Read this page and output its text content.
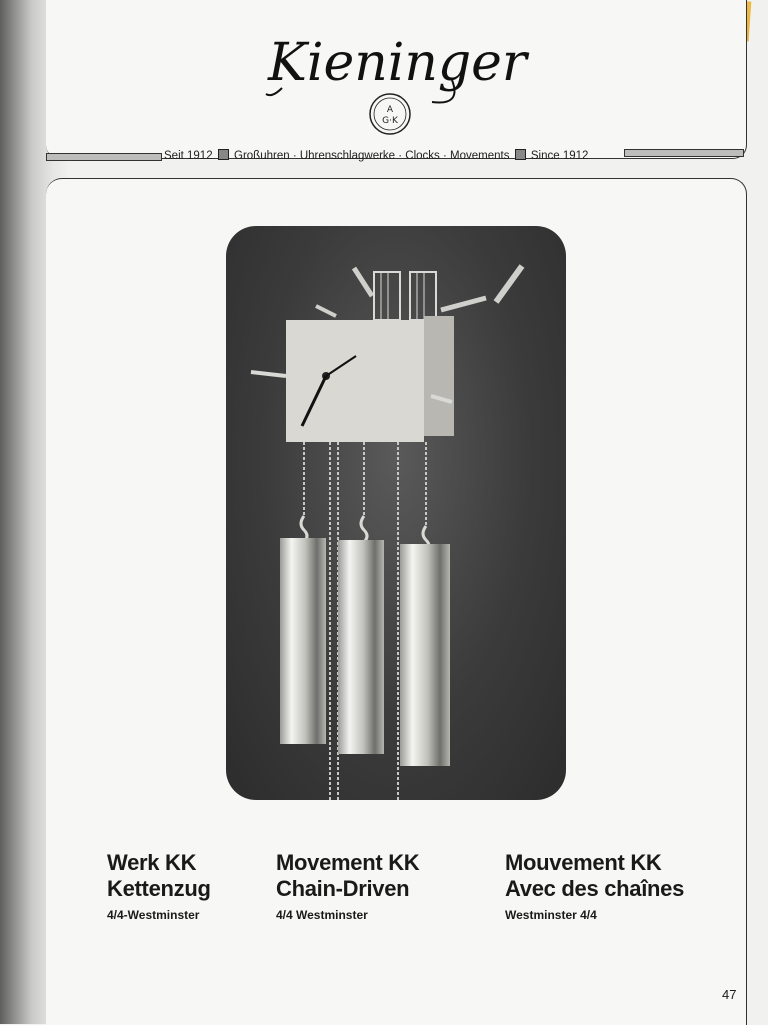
Kieninger
A
G·K
Seit 1912 Großuhren · Uhrenschlagwerke · Clocks · Movements Since 1912
Werk KK
Kettenzug
4/4-Westminster
Movement KK
Chain-Driven
4/4 Westminster
Mouvement KK
Avec des chaînes
Westminster 4/4
47
